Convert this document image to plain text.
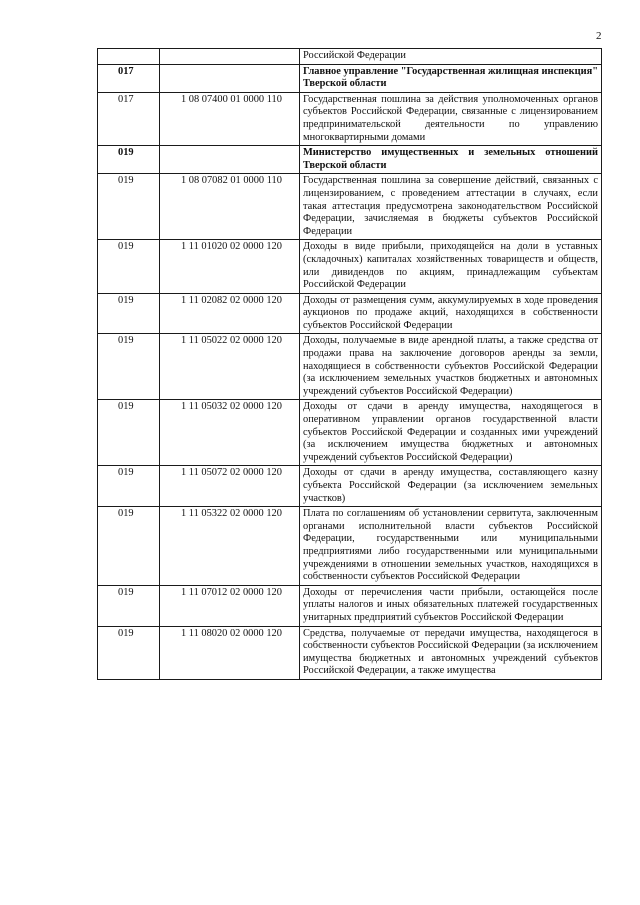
2
		Российской Федерации
017		Главное управление "Государственная жилищная инспекция" Тверской области
017	1 08 07400 01 0000 110	Государственная пошлина за действия уполномоченных органов субъектов Российской Федерации, связанные с лицензированием предпринимательской деятельности по управлению многоквартирными домами
019		Министерство имущественных и земельных отношений Тверской области
019	1 08 07082 01 0000 110	Государственная пошлина за совершение действий, связанных с лицензированием, с проведением аттестации в случаях, если такая аттестация предусмотрена законодательством Российской Федерации, зачисляемая в бюджеты субъектов Российской Федерации
019	1 11 01020 02 0000 120	Доходы в виде прибыли, приходящейся на доли в уставных (складочных) капиталах хозяйственных товариществ и обществ, или дивидендов по акциям, принадлежащим субъектам Российской Федерации
019	1 11 02082 02 0000 120	Доходы от размещения сумм, аккумулируемых в ходе проведения аукционов по продаже акций, находящихся в собственности субъектов Российской Федерации
019	1 11 05022 02 0000 120	Доходы, получаемые в виде арендной платы, а также средства от продажи права на заключение договоров аренды за земли, находящиеся в собственности субъектов Российской Федерации (за исключением земельных участков бюджетных и автономных учреждений субъектов Российской Федерации)
019	1 11 05032 02 0000 120	Доходы от сдачи в аренду имущества, находящегося в оперативном управлении органов государственной власти субъектов Российской Федерации и созданных ими учреждений (за исключением имущества бюджетных и автономных учреждений субъектов Российской Федерации)
019	1 11 05072 02 0000 120	Доходы от сдачи в аренду имущества, составляющего казну субъекта Российской Федерации (за исключением земельных участков)
019	1 11 05322 02 0000 120	Плата по соглашениям об установлении сервитута, заключенным органами исполнительной власти субъектов Российской Федерации, государственными или муниципальными предприятиями либо государственными или муниципальными учреждениями в отношении земельных участков, находящихся в собственности субъектов Российской Федерации
019	1 11 07012 02 0000 120	Доходы от перечисления части прибыли, остающейся после уплаты налогов и иных обязательных платежей государственных унитарных предприятий субъектов Российской Федерации
019	1 11 08020 02 0000 120	Средства, получаемые от передачи имущества, находящегося в собственности субъектов Российской Федерации (за исключением имущества бюджетных и автономных учреждений субъектов Российской Федерации, а также имущества
